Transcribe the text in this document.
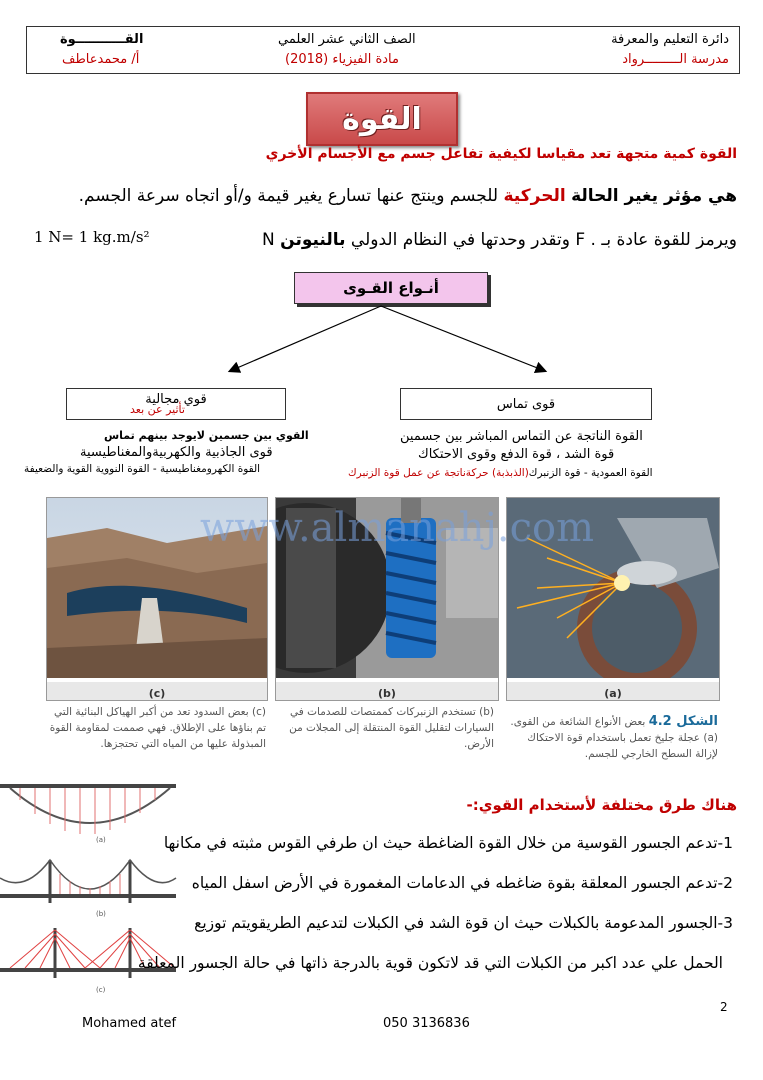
دائرة التعليم والمعرفة
مدرسة الـــــــــرواد
الصف الثاني عشر العلمي
مادة الفيزياء (2018)
القـــــــــــوة
أ/ محمدعاطف
القوة
القوة كمية متجهة تعد مقياسا لكيفية تفاعل جسم مع الأجسام الأخري
هي مؤثر يغير الحالة الحركية للجسم وينتج عنها تسارع يغير قيمة و/أو اتجاه سرعة الجسم.
ويرمز للقوة عادة بـ . F وتقدر وحدتها في النظام الدولي بالنيوتن N
1 N= 1 kg.m/s²
أنـواع القـوى
قوي مجالية
تأثير عن بعد
القوي بين جسمين لايوجد بينهم تماس
قوى الجاذبية والكهربيةوالمغناطيسية
القوة الكهرومغناطيسية - القوة النووية القوية والضعيفة
قوى تماس
القوة الناتجة عن التماس المباشر بين جسمين
قوة الشد ، قوة الدفع وقوى الاحتكاك
القوة العمودية - قوة الزنبرك(الذبذبة) حركةناتجة عن عمل قوة الزنبرك
(c)	(b)	(a)
www.almanahj.com
(c) بعض السدود تعد من أكبر الهياكل البنائية التي تم بناؤها على الإطلاق. فهي صممت لمقاومة القوة المبذولة عليها من المياه التي تحتجزها.
(b) تستخدم الزنبركات كممتصات للصدمات في السيارات لتقليل القوة المنتقلة إلى المجلات من الأرض.
الشكل 4.2 بعض الأنواع الشائعة من القوى. (a) عجلة جليخ تعمل باستخدام قوة الاحتكاك لإزالة السطح الخارجي للجسم.
(a)
(b)
(c)
هناك طرق مختلفة لأستخدام القوي:-
1-تدعم الجسور القوسية من خلال القوة الضاغطة حيث ان طرفي القوس مثبته في مكانها
2-تدعم الجسور المعلقة بقوة ضاغطه في الدعامات المغمورة في الأرض اسفل المياه
3-الجسور المدعومة بالكبلات حيث ان قوة الشد في الكبلات لتدعيم الطريقويتم توزيع
الحمل علي عدد اكبر من الكبلات التي قد لاتكون قوية بالدرجة ذاتها في حالة الجسور المعلقة
2
Mohamed atef	050 3136836
